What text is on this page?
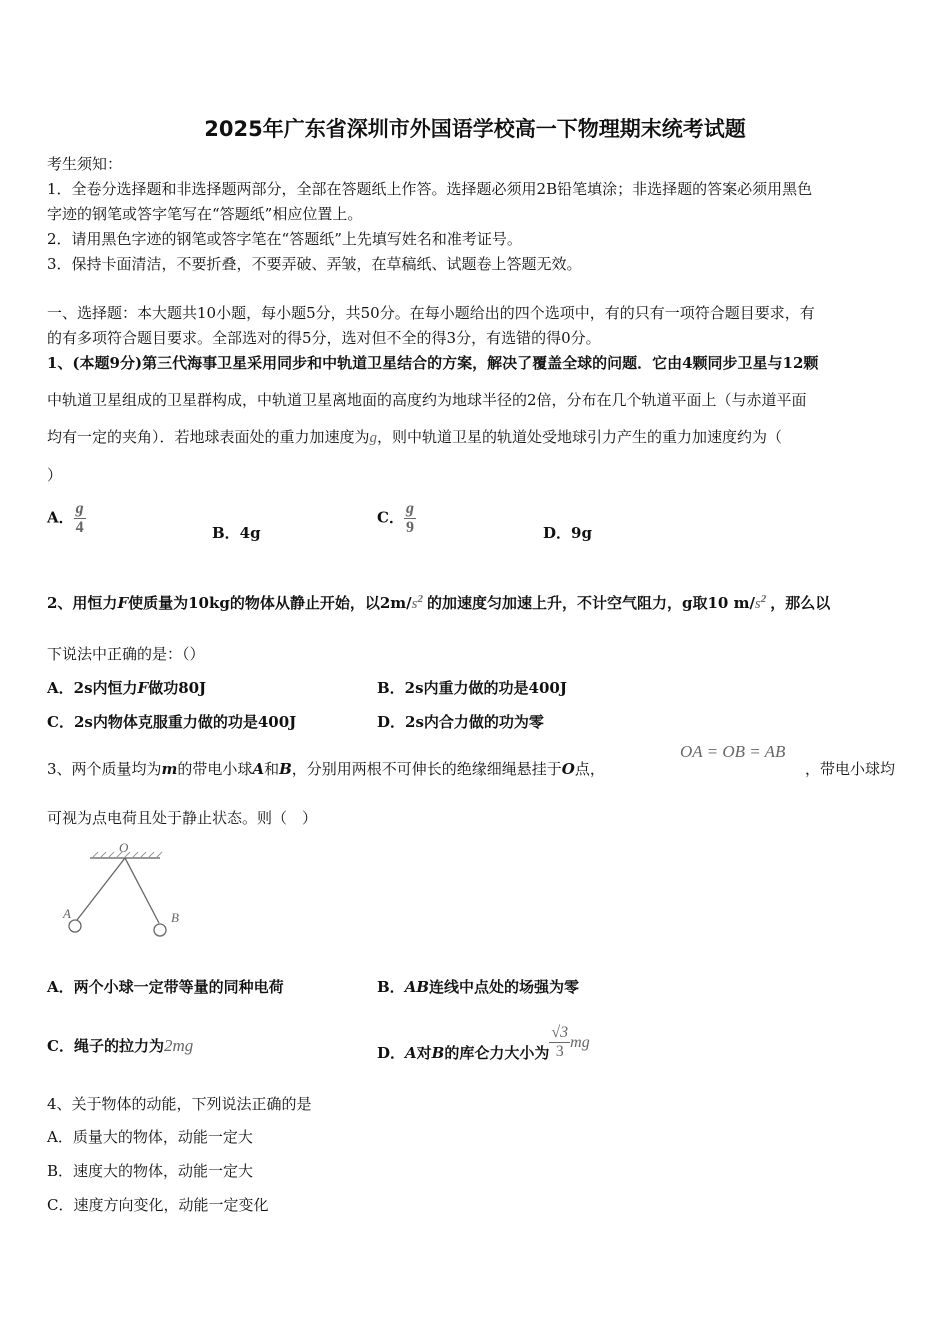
2025年广东省深圳市外国语学校高一下物理期末统考试题
考生须知：
1．全卷分选择题和非选择题两部分，全部在答题纸上作答。选择题必须用2B铅笔填涂；非选择题的答案必须用黑色
字迹的钢笔或答字笔写在“答题纸”相应位置上。
2．请用黑色字迹的钢笔或答字笔在“答题纸”上先填写姓名和准考证号。
3．保持卡面清洁，不要折叠，不要弄破、弄皱，在草稿纸、试题卷上答题无效。
一、选择题：本大题共10小题，每小题5分，共50分。在每小题给出的四个选项中，有的只有一项符合题目要求，有
的有多项符合题目要求。全部选对的得5分，选对但不全的得3分，有选错的得0分。
1、(本题9分)第三代海事卫星采用同步和中轨道卫星结合的方案，解决了覆盖全球的问题．它由4颗同步卫星与12颗
中轨道卫星组成的卫星群构成，中轨道卫星离地面的高度约为地球半径的2倍，分布在几个轨道平面上（与赤道平面
均有一定的夹角）．若地球表面处的重力加速度为g，则中轨道卫星的轨道处受地球引力产生的重力加速度约为（
）
A． $\frac{g}{4}$	B．4g
C． $\frac{g}{9}$	D．9g
2、用恒力F使质量为10kg的物体从静止开始，以$2m/s^2$ 的加速度匀加速上升，不计空气阻力，g取10 $m/s^2$ ，那么以
下说法中正确的是：（）
A．2s内恒力F做功80J	B．2s内重力做的功是400J
C．2s内物体克服重力做的功是400J	D．2s内合力做的功为零
3、两个质量均为m的带电小球A和B，分别用两根不可伸长的绝缘细绳悬挂于O点，
OA = OB = AB
，带电小球均
可视为点电荷且处于静止状态。则（　）
O
A	B
A．两个小球一定带等量的同种电荷	B．AB连线中点处的场强为零
C．绳子的拉力为2mg	D．A对B的库仑力大小为 $\frac{√3}{3}$ mg
4、关于物体的动能，下列说法正确的是
A．质量大的物体，动能一定大
B．速度大的物体，动能一定大
C．速度方向变化，动能一定变化
